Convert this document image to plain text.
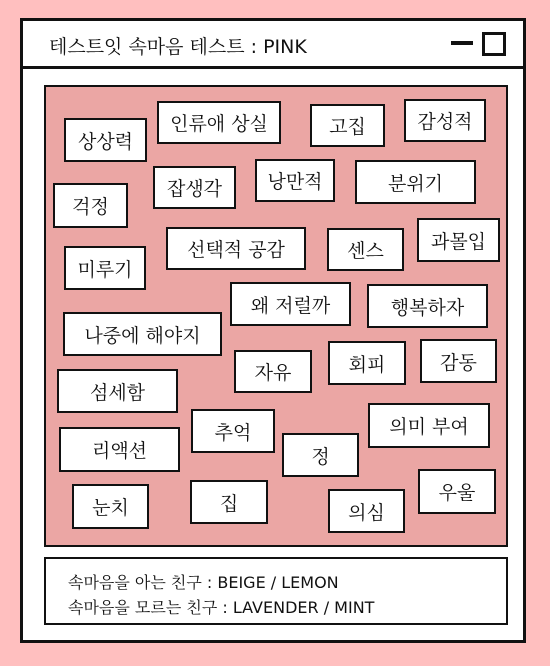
테스트잇 속마음 테스트 : PINK
상상력
인류애 상실	고집	감성적
잡생각	낭만적	분위기
걱정
선택적 공감	센스	과몰입
미루기
왜 저럴까	행복하자
나중에 해야지
자유	회피	감동
섬세함
추억	의미 부여
리액션	정
우울
집
눈치	의심
속마음을 아는 친구 : BEIGE / LEMON
속마음을 모르는 친구 : LAVENDER / MINT
